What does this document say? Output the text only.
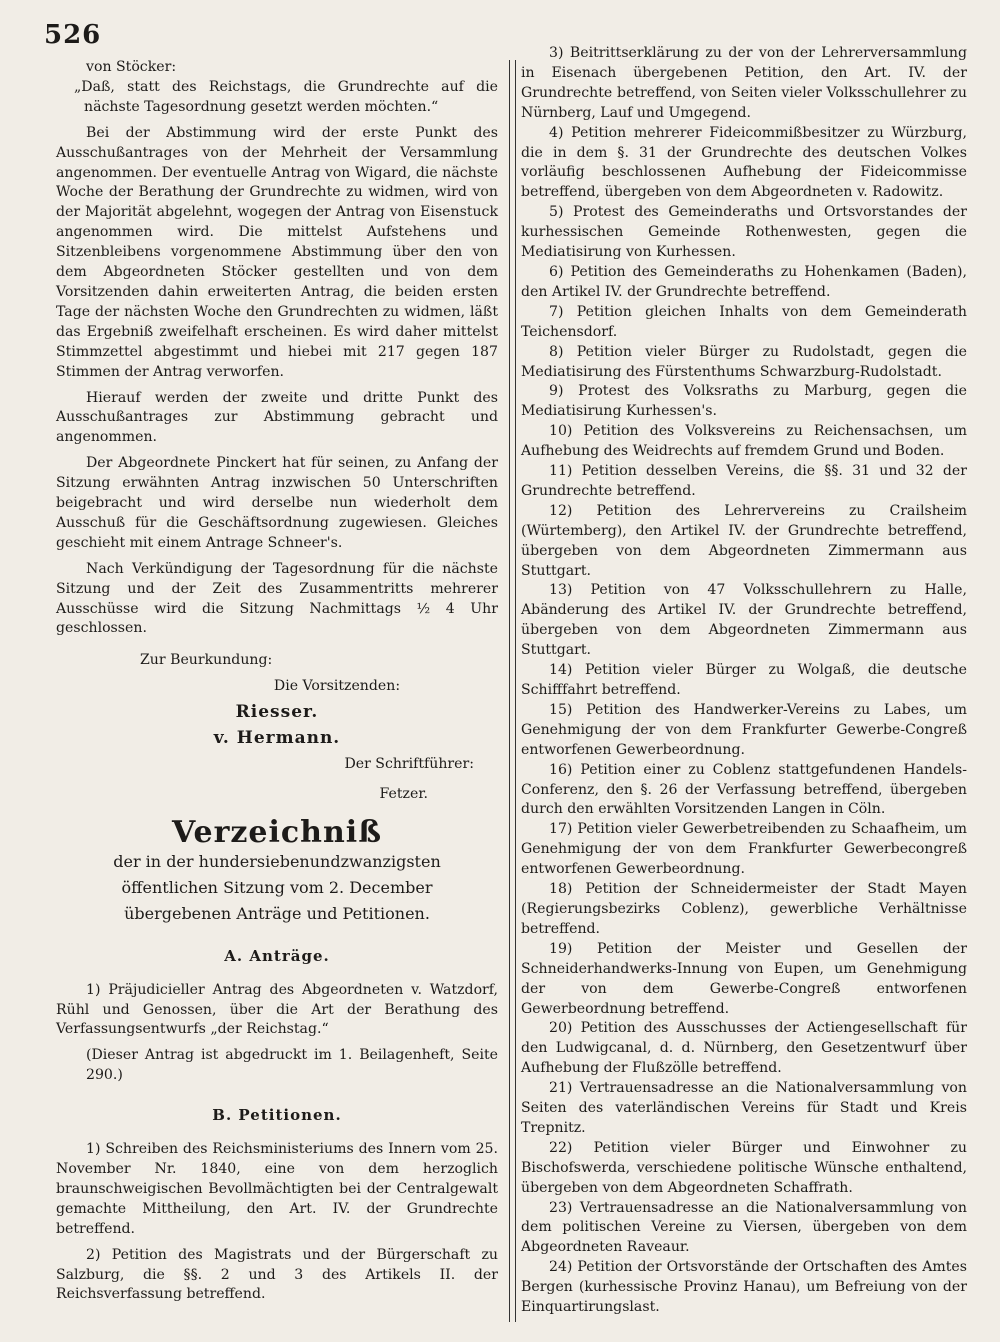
526

von Stöcker:

„Daß, statt des Reichstags, die Grundrechte auf die nächste Tagesordnung gesetzt werden möchten.“

Bei der Abstimmung wird der erste Punkt des Ausschußantrages von der Mehrheit der Versammlung angenommen. Der eventuelle Antrag von Wigard, die nächste Woche der Berathung der Grundrechte zu widmen, wird von der Majorität abgelehnt, wogegen der Antrag von Eisenstuck angenommen wird. Die mittelst Aufstehens und Sitzenbleibens vorgenommene Abstimmung über den von dem Abgeordneten Stöcker gestellten und von dem Vorsitzenden dahin erweiterten Antrag, die beiden ersten Tage der nächsten Woche den Grundrechten zu widmen, läßt das Ergebniß zweifelhaft erscheinen. Es wird daher mittelst Stimmzettel abgestimmt und hiebei mit 217 gegen 187 Stimmen der Antrag verworfen.

Hierauf werden der zweite und dritte Punkt des Ausschußantrages zur Abstimmung gebracht und angenommen.

Der Abgeordnete Pinckert hat für seinen, zu Anfang der Sitzung erwähnten Antrag inzwischen 50 Unterschriften beigebracht und wird derselbe nun wiederholt dem Ausschuß für die Geschäftsordnung zugewiesen. Gleiches geschieht mit einem Antrage Schneer's.

Nach Verkündigung der Tagesordnung für die nächste Sitzung und der Zeit des Zusammentritts mehrerer Ausschüsse wird die Sitzung Nachmittags ½ 4 Uhr geschlossen.

Zur Beurkundung:

Die Vorsitzenden:

Riesser.

v. Hermann.

Der Schriftführer:

Fetzer.

Verzeichniß
der in der hundersiebenundzwanzigsten öffentlichen Sitzung vom 2. December übergebenen Anträge und Petitionen.
A. Anträge.

1) Präjudicieller Antrag des Abgeordneten v. Watzdorf, Rühl und Genossen, über die Art der Berathung des Verfassungsentwurfs „der Reichstag.“

(Dieser Antrag ist abgedruckt im 1. Beilagenheft, Seite 290.)

B. Petitionen.

1) Schreiben des Reichsministeriums des Innern vom 25. November Nr. 1840, eine von dem herzoglich braunschweigischen Bevollmächtigten bei der Centralgewalt gemachte Mittheilung, den Art. IV. der Grundrechte betreffend.

2) Petition des Magistrats und der Bürgerschaft zu Salzburg, die §§. 2 und 3 des Artikels II. der Reichsverfassung betreffend.

3) Beitrittserklärung zu der von der Lehrerversammlung in Eisenach übergebenen Petition, den Art. IV. der Grundrechte betreffend, von Seiten vieler Volksschullehrer zu Nürnberg, Lauf und Umgegend.

4) Petition mehrerer Fideicommißbesitzer zu Würzburg, die in dem §. 31 der Grundrechte des deutschen Volkes vorläufig beschlossenen Aufhebung der Fideicommisse betreffend, übergeben von dem Abgeordneten v. Radowitz.

5) Protest des Gemeinderaths und Ortsvorstandes der kurhessischen Gemeinde Rothenwesten, gegen die Mediatisirung von Kurhessen.

6) Petition des Gemeinderaths zu Hohenkamen (Baden), den Artikel IV. der Grundrechte betreffend.

7) Petition gleichen Inhalts von dem Gemeinderath Teichensdorf.

8) Petition vieler Bürger zu Rudolstadt, gegen die Mediatisirung des Fürstenthums Schwarzburg-Rudolstadt.

9) Protest des Volksraths zu Marburg, gegen die Mediatisirung Kurhessen's.

10) Petition des Volksvereins zu Reichensachsen, um Aufhebung des Weidrechts auf fremdem Grund und Boden.

11) Petition desselben Vereins, die §§. 31 und 32 der Grundrechte betreffend.

12) Petition des Lehrervereins zu Crailsheim (Würtemberg), den Artikel IV. der Grundrechte betreffend, übergeben von dem Abgeordneten Zimmermann aus Stuttgart.

13) Petition von 47 Volksschullehrern zu Halle, Abänderung des Artikel IV. der Grundrechte betreffend, übergeben von dem Abgeordneten Zimmermann aus Stuttgart.

14) Petition vieler Bürger zu Wolgaß, die deutsche Schifffahrt betreffend.

15) Petition des Handwerker-Vereins zu Labes, um Genehmigung der von dem Frankfurter Gewerbe-Congreß entworfenen Gewerbeordnung.

16) Petition einer zu Coblenz stattgefundenen Handels-Conferenz, den §. 26 der Verfassung betreffend, übergeben durch den erwählten Vorsitzenden Langen in Cöln.

17) Petition vieler Gewerbetreibenden zu Schaafheim, um Genehmigung der von dem Frankfurter Gewerbecongreß entworfenen Gewerbeordnung.

18) Petition der Schneidermeister der Stadt Mayen (Regierungsbezirks Coblenz), gewerbliche Verhältnisse betreffend.

19) Petition der Meister und Gesellen der Schneiderhandwerks-Innung von Eupen, um Genehmigung der von dem Gewerbe-Congreß entworfenen Gewerbeordnung betreffend.

20) Petition des Ausschusses der Actiengesellschaft für den Ludwigcanal, d. d. Nürnberg, den Gesetzentwurf über Aufhebung der Flußzölle betreffend.

21) Vertrauensadresse an die Nationalversammlung von Seiten des vaterländischen Vereins für Stadt und Kreis Trepnitz.

22) Petition vieler Bürger und Einwohner zu Bischofswerda, verschiedene politische Wünsche enthaltend, übergeben von dem Abgeordneten Schaffrath.

23) Vertrauensadresse an die Nationalversammlung von dem politischen Vereine zu Viersen, übergeben von dem Abgeordneten Raveaur.

24) Petition der Ortsvorstände der Ortschaften des Amtes Bergen (kurhessische Provinz Hanau), um Befreiung von der Einquartirungslast.
